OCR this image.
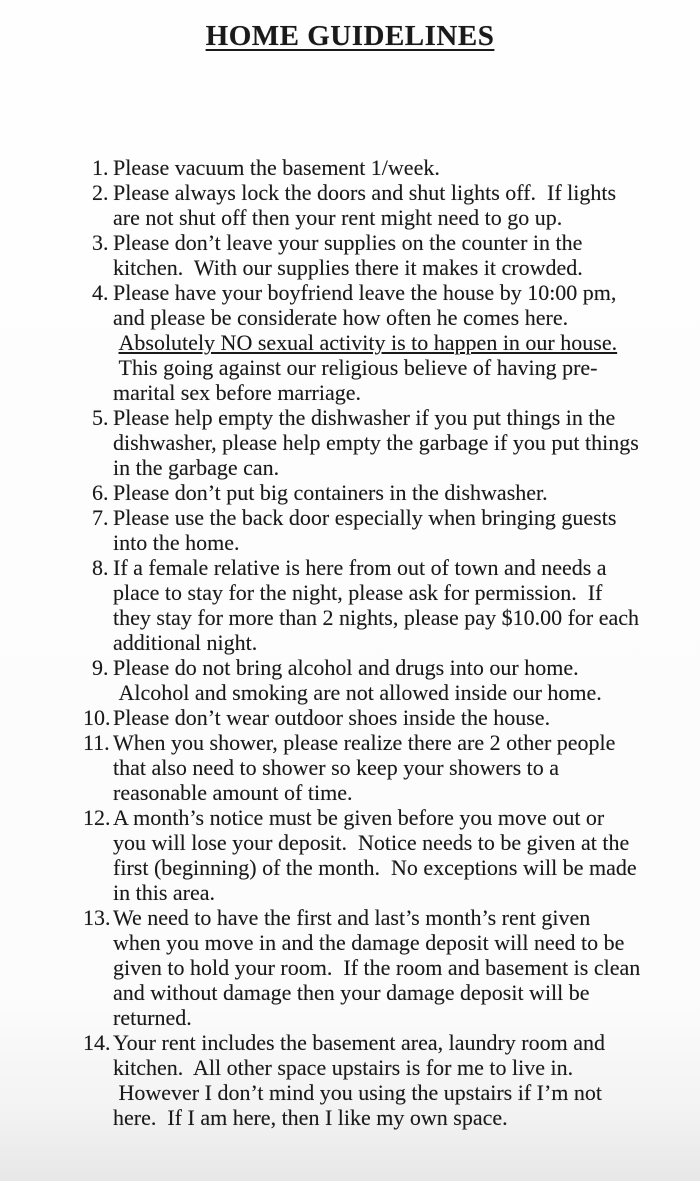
HOME GUIDELINES
1. Please vacuum the basement 1/week.
2. Please always lock the doors and shut lights off.  If lights
are not shut off then your rent might need to go up.
3. Please don’t leave your supplies on the counter in the
kitchen.  With our supplies there it makes it crowded.
4. Please have your boyfriend leave the house by 10:00 pm,
and please be considerate how often he comes here.
Absolutely NO sexual activity is to happen in our house.
This going against our religious believe of having pre-
marital sex before marriage.
5. Please help empty the dishwasher if you put things in the
dishwasher, please help empty the garbage if you put things
in the garbage can.
6. Please don’t put big containers in the dishwasher.
7. Please use the back door especially when bringing guests
into the home.
8. If a female relative is here from out of town and needs a
place to stay for the night, please ask for permission.  If
they stay for more than 2 nights, please pay $10.00 for each
additional night.
9. Please do not bring alcohol and drugs into our home.
Alcohol and smoking are not allowed inside our home.
10. Please don’t wear outdoor shoes inside the house.
11. When you shower, please realize there are 2 other people
that also need to shower so keep your showers to a
reasonable amount of time.
12. A month’s notice must be given before you move out or
you will lose your deposit.  Notice needs to be given at the
first (beginning) of the month.  No exceptions will be made
in this area.
13. We need to have the first and last’s month’s rent given
when you move in and the damage deposit will need to be
given to hold your room.  If the room and basement is clean
and without damage then your damage deposit will be
returned.
14. Your rent includes the basement area, laundry room and
kitchen.  All other space upstairs is for me to live in.
However I don’t mind you using the upstairs if I’m not
here.  If I am here, then I like my own space.
